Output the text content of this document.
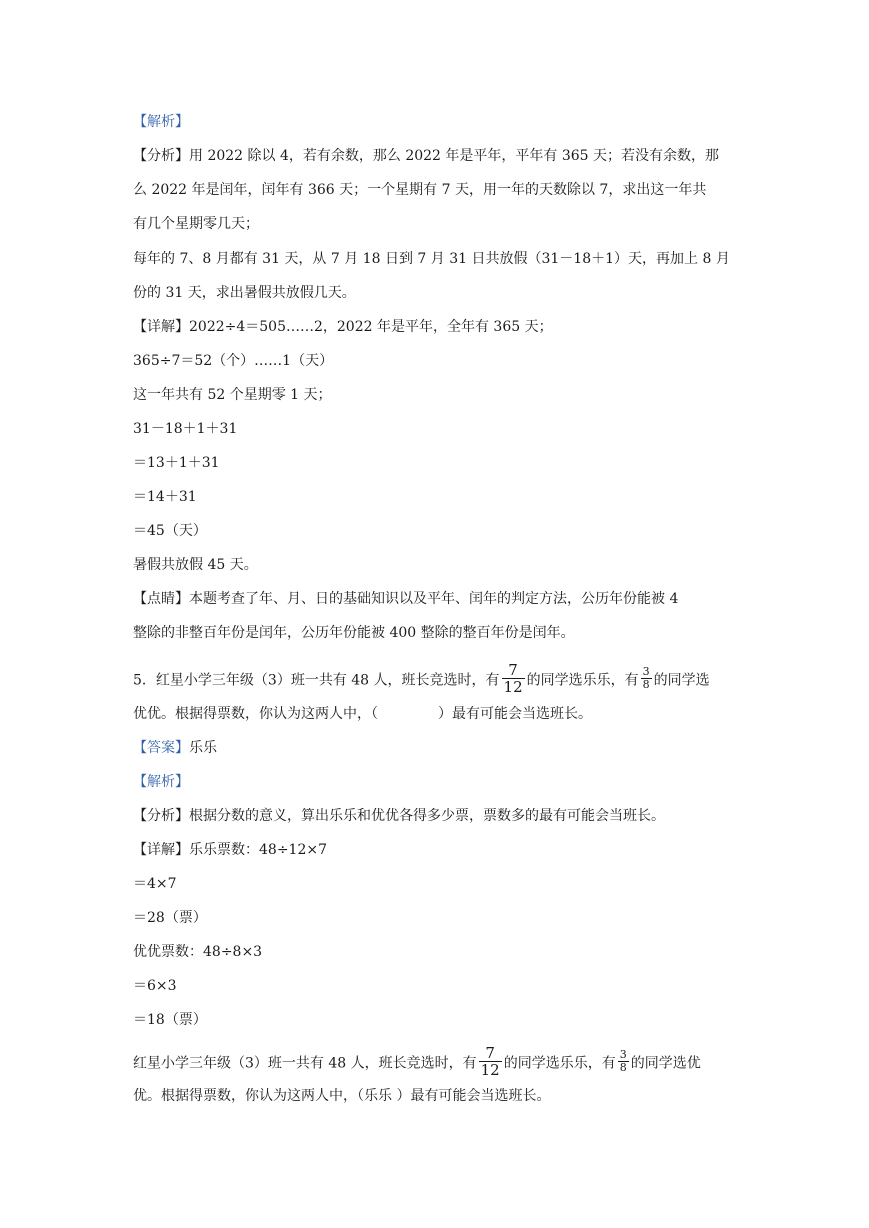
【解析】
【分析】用 2022 除以 4，若有余数，那么 2022 年是平年，平年有 365 天；若没有余数，那
么 2022 年是闰年，闰年有 366 天；一个星期有 7 天，用一年的天数除以 7，求出这一年共
有几个星期零几天；
每年的 7、8 月都有 31 天，从 7 月 18 日到 7 月 31 日共放假（31－18＋1）天，再加上 8 月
份的 31 天，求出暑假共放假几天。
【详解】2022÷4＝505……2，2022 年是平年，全年有 365 天；
365÷7＝52（个）……1（天）
这一年共有 52 个星期零 1 天；
31－18＋1＋31
＝13＋1＋31
＝14＋31
＝45（天）
暑假共放假 45 天。
【点睛】本题考查了年、月、日的基础知识以及平年、闰年的判定方法，公历年份能被 4
整除的非整百年份是闰年，公历年份能被 400 整除的整百年份是闰年。
5．红星小学三年级（3）班一共有 48 人，班长竞选时，有 $\frac{7}{12}$ 的同学选乐乐，有 $\frac{3}{8}$ 的同学选
优优。根据得票数，你认为这两人中，（	）最有可能会当选班长。
【答案】乐乐
【解析】
【分析】根据分数的意义，算出乐乐和优优各得多少票，票数多的最有可能会当班长。
【详解】乐乐票数：48÷12×7
＝4×7
＝28（票）
优优票数：48÷8×3
＝6×3
＝18（票）
红星小学三年级（3）班一共有 48 人，班长竞选时，有 $\frac{7}{12}$ 的同学选乐乐，有 $\frac{3}{8}$ 的同学选优
优。根据得票数，你认为这两人中，（乐乐 ）最有可能会当选班长。
